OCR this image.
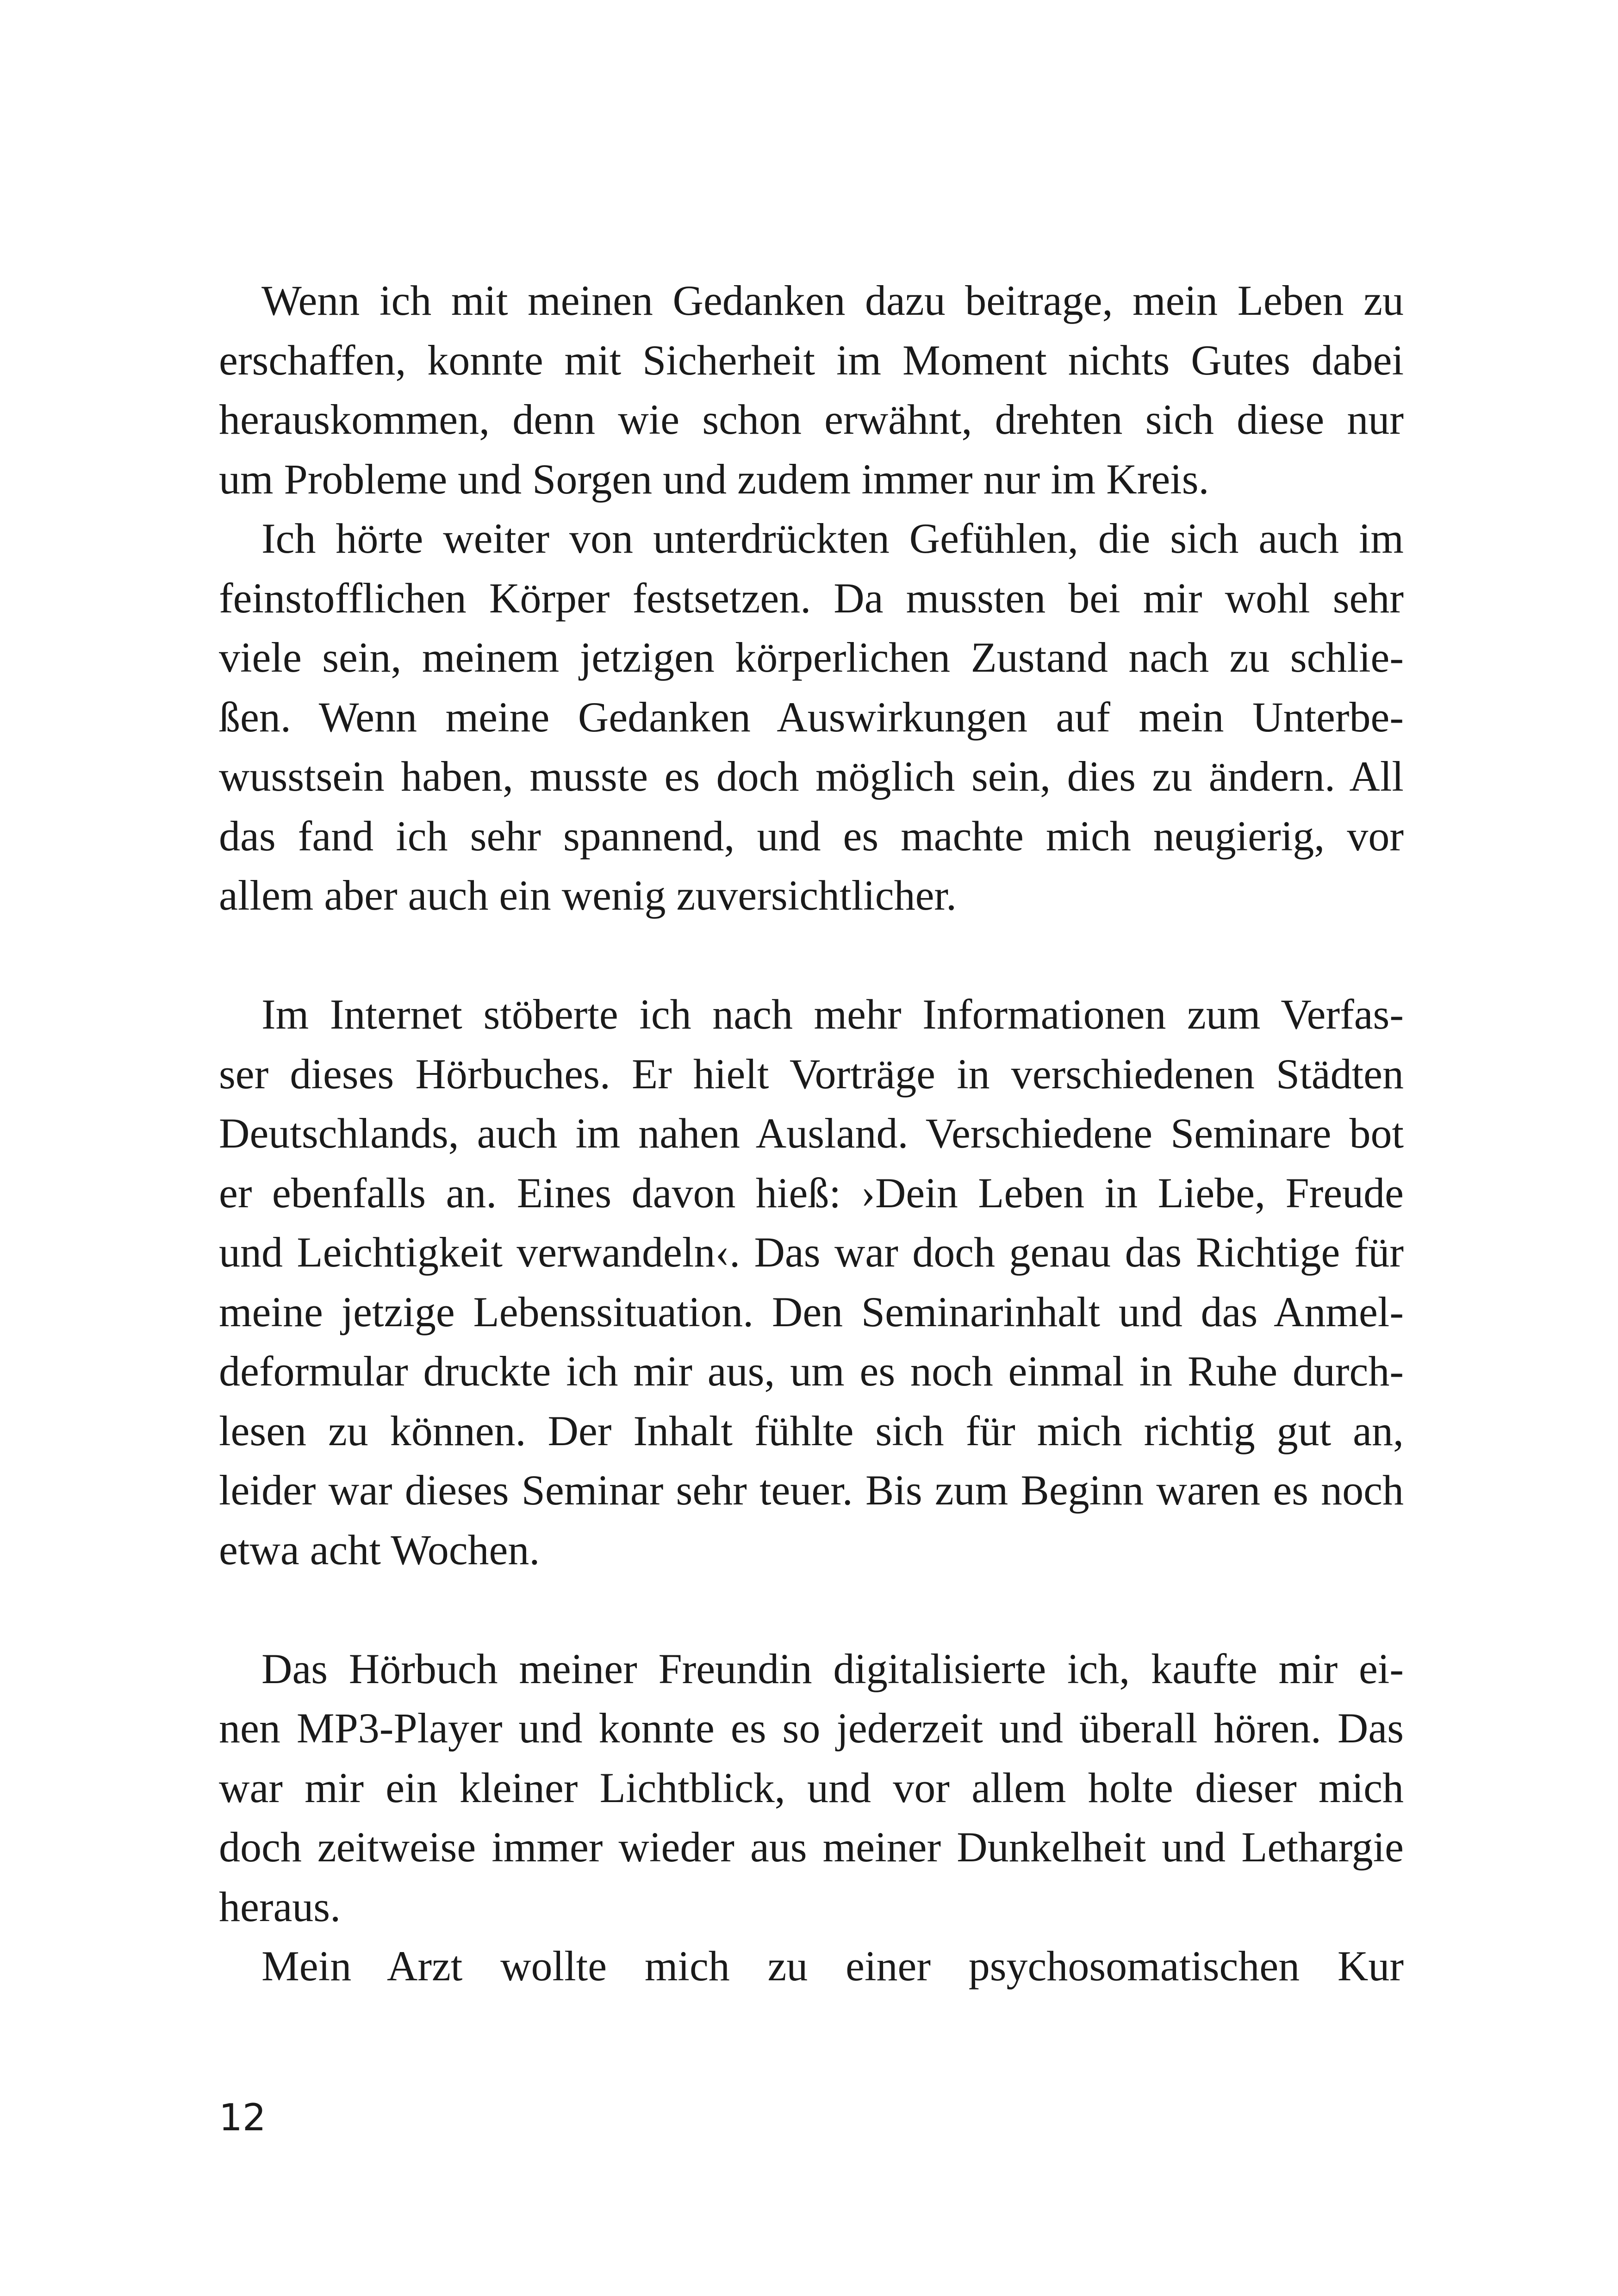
Wenn ich mit meinen Gedanken dazu beitrage, mein Leben zu
erschaffen, konnte mit Sicherheit im Moment nichts Gutes dabei
herauskommen, denn wie schon erwähnt, drehten sich diese nur
um Probleme und Sorgen und zudem immer nur im Kreis.
Ich hörte weiter von unterdrückten Gefühlen, die sich auch im
feinstofflichen Körper festsetzen. Da mussten bei mir wohl sehr
viele sein, meinem jetzigen körperlichen Zustand nach zu schlie-
ßen. Wenn meine Gedanken Auswirkungen auf mein Unterbe-
wusstsein haben, musste es doch möglich sein, dies zu ändern. All
das fand ich sehr spannend, und es machte mich neugierig, vor
allem aber auch ein wenig zuversichtlicher.
Im Internet stöberte ich nach mehr Informationen zum Verfas-
ser dieses Hörbuches. Er hielt Vorträge in verschiedenen Städten
Deutschlands, auch im nahen Ausland. Verschiedene Seminare bot
er ebenfalls an. Eines davon hieß: ›Dein Leben in Liebe, Freude
und Leichtigkeit verwandeln‹. Das war doch genau das Richtige für
meine jetzige Lebenssituation. Den Seminarinhalt und das Anmel-
deformular druckte ich mir aus, um es noch einmal in Ruhe durch-
lesen zu können. Der Inhalt fühlte sich für mich richtig gut an,
leider war dieses Seminar sehr teuer. Bis zum Beginn waren es noch
etwa acht Wochen.
Das Hörbuch meiner Freundin digitalisierte ich, kaufte mir ei-
nen MP3-Player und konnte es so jederzeit und überall hören. Das
war mir ein kleiner Lichtblick, und vor allem holte dieser mich
doch zeitweise immer wieder aus meiner Dunkelheit und Lethargie
heraus.
Mein Arzt wollte mich zu einer psychosomatischen Kur
12
